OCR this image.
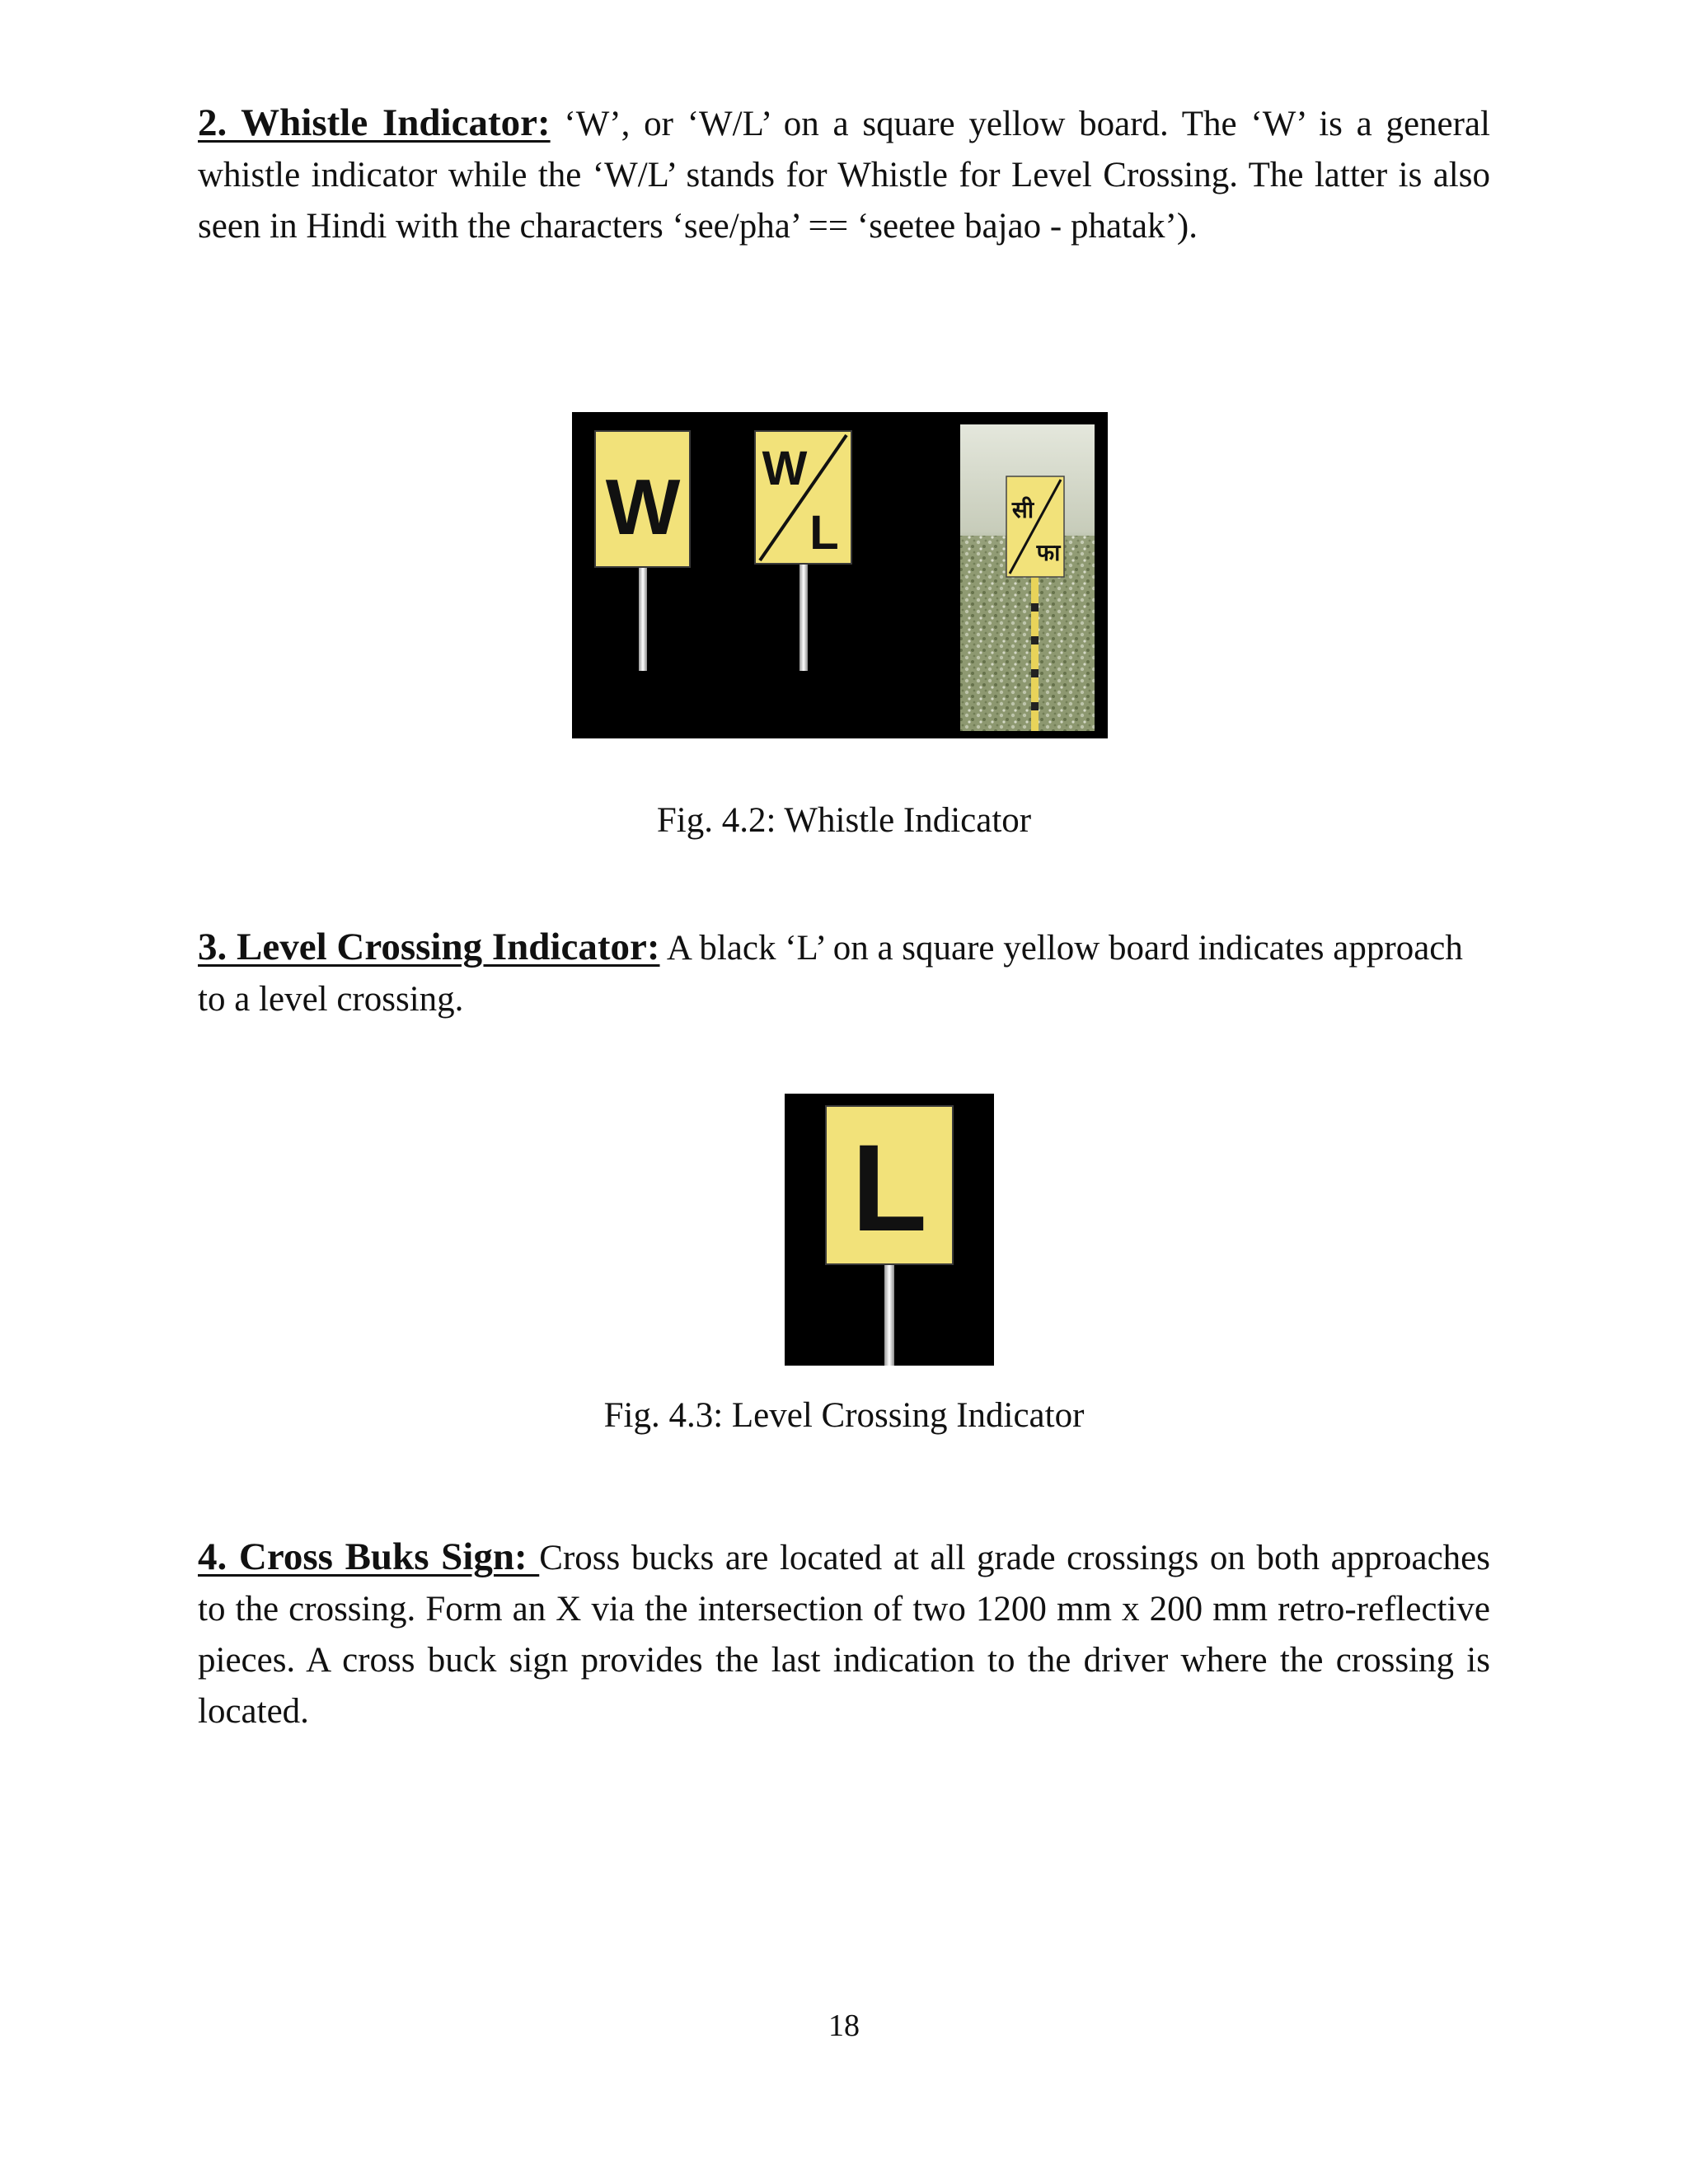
2. Whistle Indicator: ‘W’, or ‘W/L’ on a square yellow board. The ‘W’ is a general whistle indicator while the ‘W/L’ stands for Whistle for Level Crossing. The latter is also seen in Hindi with the characters ‘see/pha’ == ‘seetee bajao - phatak’).

W W
L	सी
फा

Fig. 4.2: Whistle Indicator

3. Level Crossing Indicator: A black ‘L’ on a square yellow board indicates approach to a level crossing.

L

Fig. 4.3: Level Crossing Indicator

4. Cross Buks Sign: Cross bucks are located at all grade crossings on both approaches to the crossing. Form an X via the intersection of two 1200 mm x 200 mm retro-reflective pieces. A cross buck sign provides the last indication to the driver where the crossing is located.

18
